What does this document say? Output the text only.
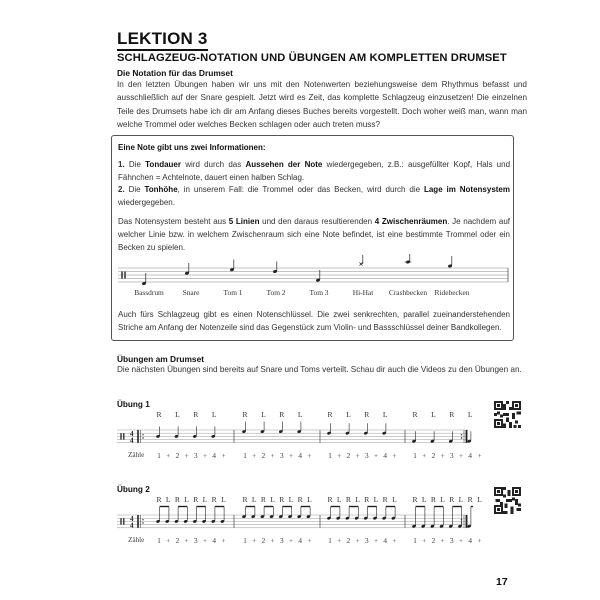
LEKTION 3
SCHLAGZEUG-NOTATION UND ÜBUNGEN AM KOMPLETTEN DRUMSET
Die Notation für das Drumset
In den letzten Übungen haben wir uns mit den Notenwerten beziehungsweise dem Rhythmus befasst und ausschließlich auf der Snare gespielt. Jetzt wird es Zeit, das komplette Schlagzeug einzusetzen! Die einzelnen Teile des Drumsets habe ich dir am Anfang dieses Buches bereits vorgestellt. Doch woher weiß man, wann man welche Trommel oder welches Becken schlagen oder auch treten muss?
Eine Note gibt uns zwei Informationen:
1. Die Tondauer wird durch das Aussehen der Note wiedergegeben, z.B.: ausgefüllter Kopf, Hals und Fähnchen = Achtelnote, dauert einen halben Schlag.
2. Die Tonhöhe, in unserem Fall: die Trommel oder das Becken, wird durch die Lage im Notensystem wiedergegeben.
Das Notensystem besteht aus 5 Linien und den daraus resultierenden 4 Zwischenräumen. Je nachdem auf welcher Linie bzw. in welchem Zwischenraum sich eine Note befindet, ist eine bestimmte Trommel oder ein Becken zu spielen.
Bassdrum	Snare	Tom 1	Tom 2	Tom 3	Hi-Hat Crashbecken Ridebecken
Auch fürs Schlagzeug gibt es einen Notenschlüssel. Die zwei senkrechten, parallel zueinanderstehenden Striche am Anfang der Notenzeile sind das Gegenstück zum Violin- und Bassschlüssel deiner Bandkollegen.
Übungen am Drumset
Die nächsten Übungen sind bereits auf Snare und Toms verteilt. Schau dir auch die Videos zu den Übungen an.
Übung 1
4
4
Übung 2
4
4
Zähle
R L R L
1 + 2 + 3 + 4 +
R L R L
1 + 2 + 3 + 4 +
R L R L
1 + 2 + 3 + 4 +
R L R L
1 + 2 + 3 + 4 +
Zähle
R L R L R L R L
1 + 2 + 3 + 4 +
R L R L R L R L
1 + 2 + 3 + 4 +
R L R L R L R L
1 + 2 + 3 + 4 +
R L R L R L R L
1 + 2 + 3 + 4 +
17
